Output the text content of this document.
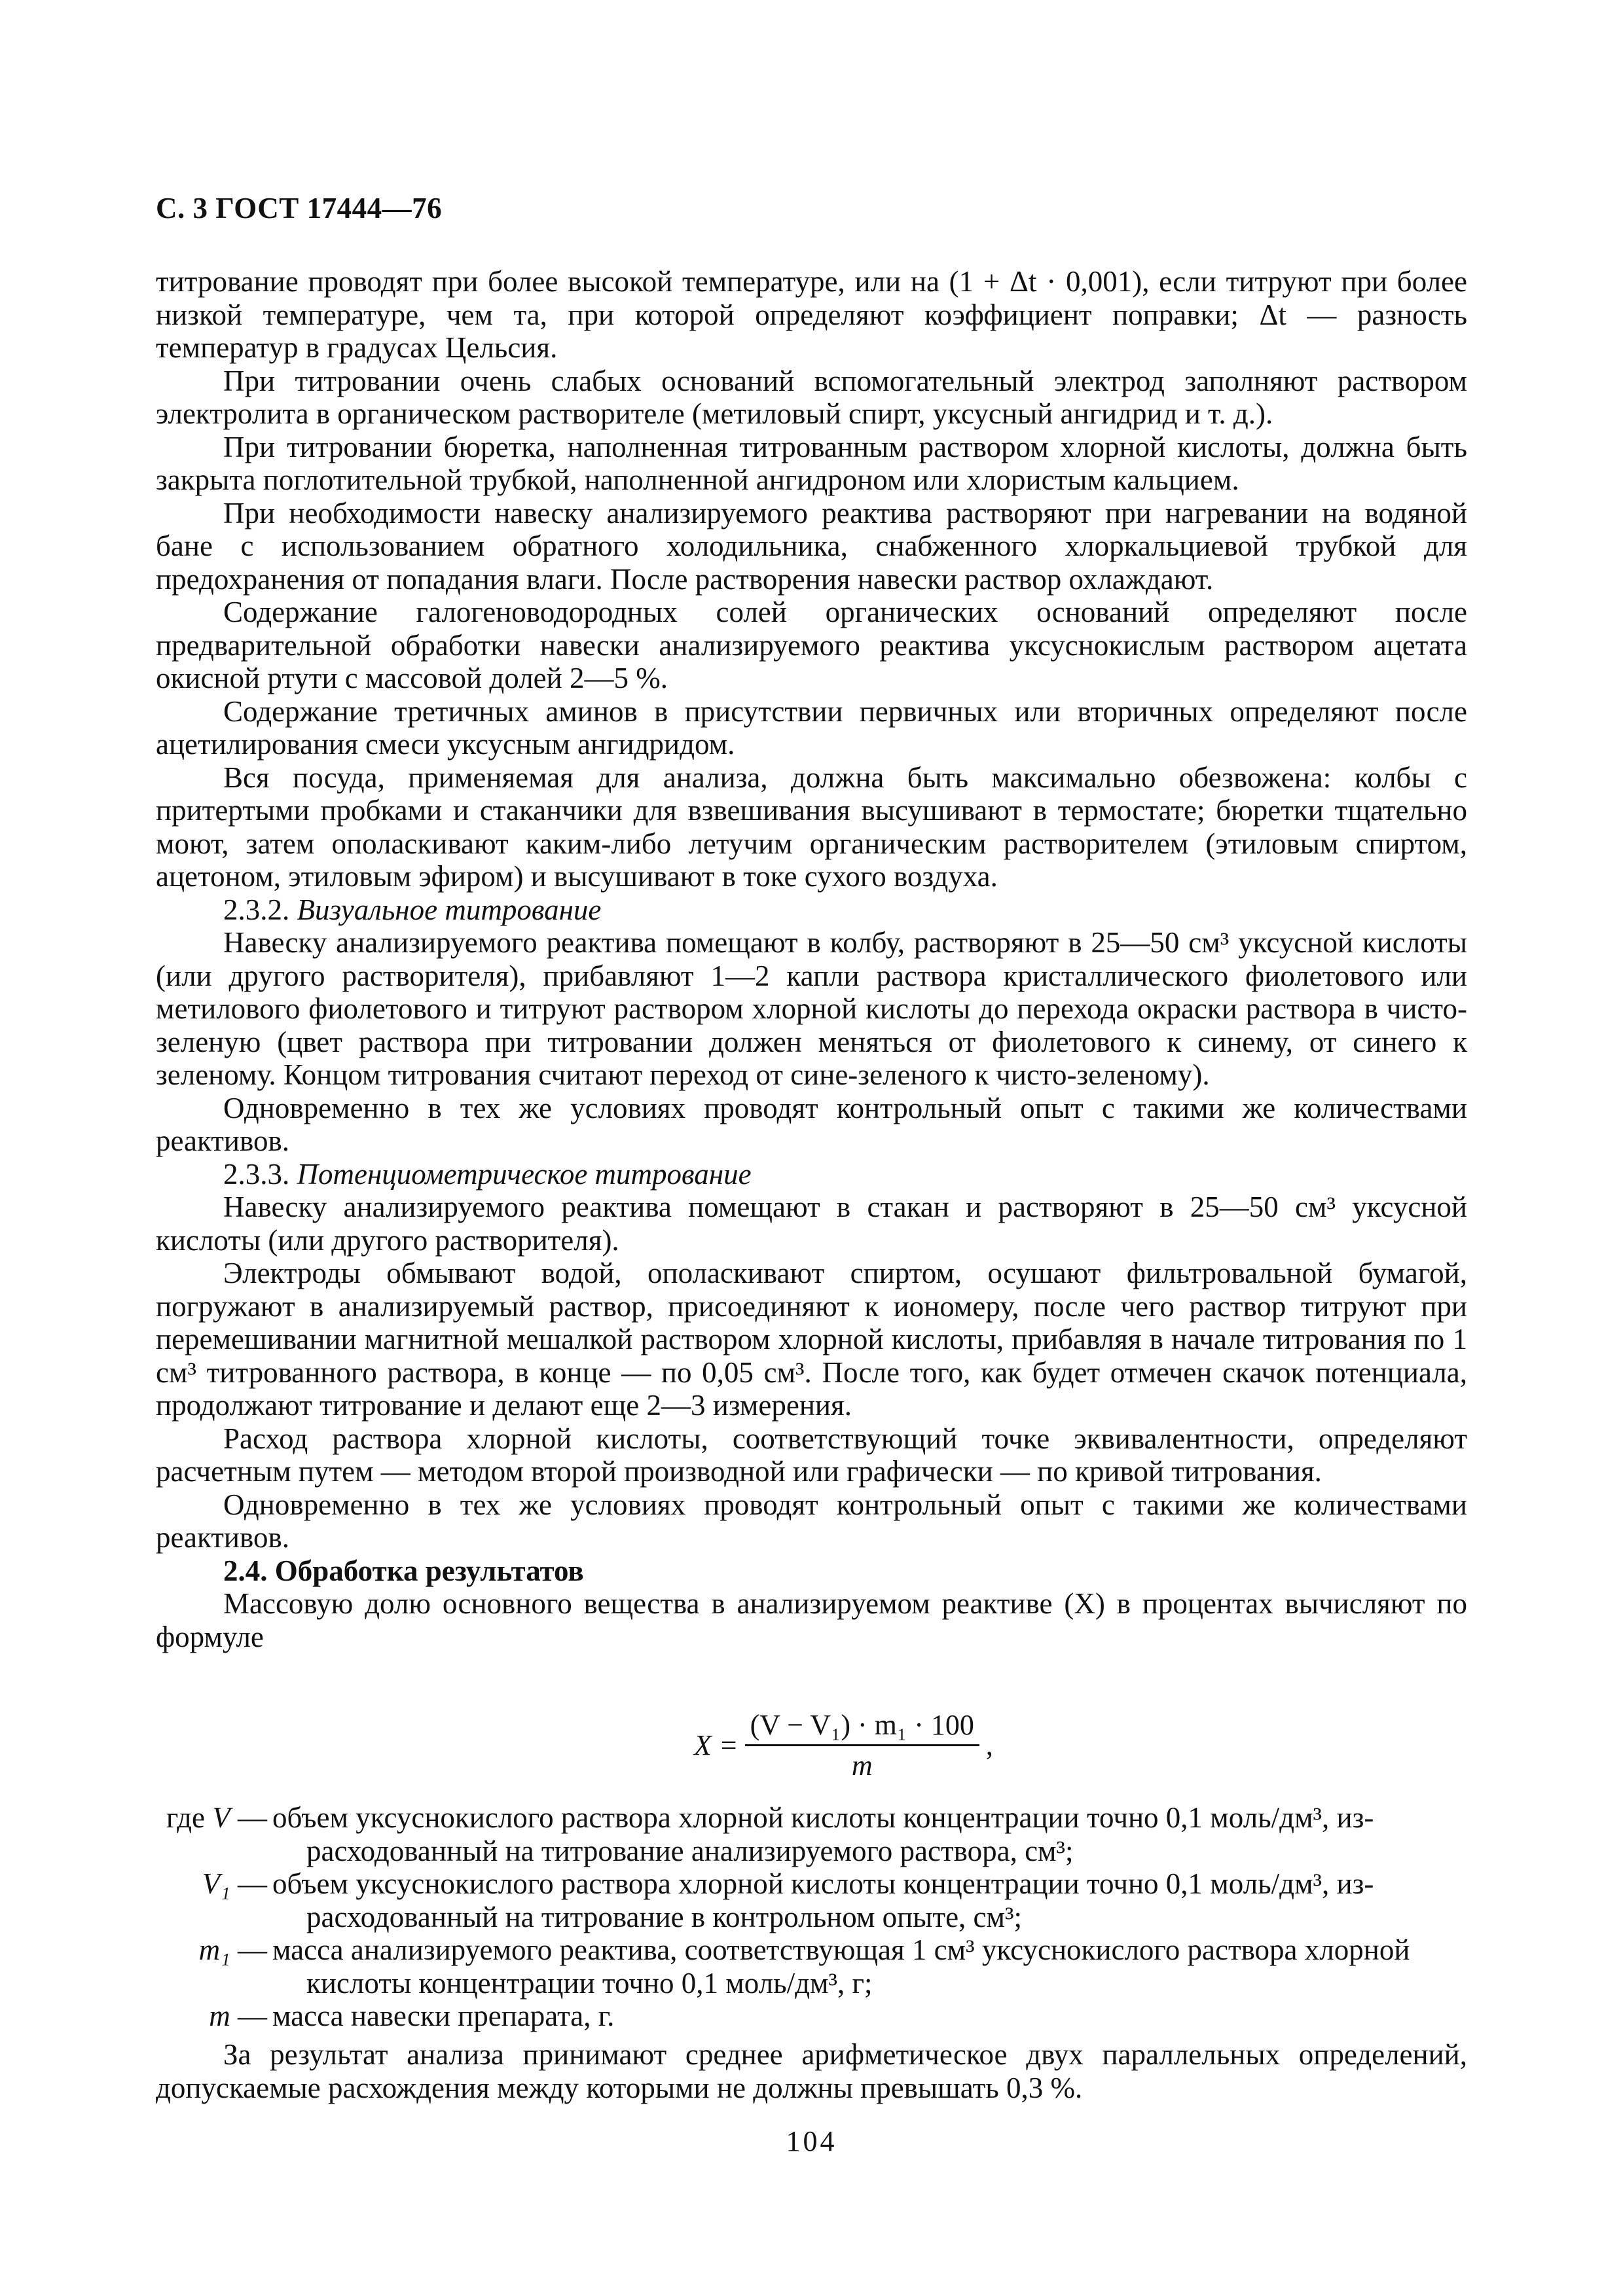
С. 3 ГОСТ 17444—76

титрование проводят при более высокой температуре, или на (1 + Δt · 0,001), если титруют при более низкой температуре, чем та, при которой определяют коэффициент поправки; Δt — разность температур в градусах Цельсия.

При титровании очень слабых оснований вспомогательный электрод заполняют раствором электролита в органическом растворителе (метиловый спирт, уксусный ангидрид и т. д.).

При титровании бюретка, наполненная титрованным раствором хлорной кислоты, должна быть закрыта поглотительной трубкой, наполненной ангидроном или хлористым кальцием.

При необходимости навеску анализируемого реактива растворяют при нагревании на водяной бане с использованием обратного холодильника, снабженного хлоркальциевой трубкой для предохранения от попадания влаги. После растворения навески раствор охлаждают.

Содержание галогеноводородных солей органических оснований определяют после предварительной обработки навески анализируемого реактива уксуснокислым раствором ацетата окисной ртути с массовой долей 2—5 %.

Содержание третичных аминов в присутствии первичных или вторичных определяют после ацетилирования смеси уксусным ангидридом.

Вся посуда, применяемая для анализа, должна быть максимально обезвожена: колбы с притертыми пробками и стаканчики для взвешивания высушивают в термостате; бюретки тщательно моют, затем ополаскивают каким-либо летучим органическим растворителем (этиловым спиртом, ацетоном, этиловым эфиром) и высушивают в токе сухого воздуха.

2.3.2. Визуальное титрование

Навеску анализируемого реактива помещают в колбу, растворяют в 25—50 см³ уксусной кислоты (или другого растворителя), прибавляют 1—2 капли раствора кристаллического фиолетового или метилового фиолетового и титруют раствором хлорной кислоты до перехода окраски раствора в чисто-зеленую (цвет раствора при титровании должен меняться от фиолетового к синему, от синего к зеленому. Концом титрования считают переход от сине-зеленого к чисто-зеленому).

Одновременно в тех же условиях проводят контрольный опыт с такими же количествами реактивов.

2.3.3. Потенциометрическое титрование

Навеску анализируемого реактива помещают в стакан и растворяют в 25—50 см³ уксусной кислоты (или другого растворителя).

Электроды обмывают водой, ополаскивают спиртом, осушают фильтровальной бумагой, погружают в анализируемый раствор, присоединяют к иономеру, после чего раствор титруют при перемешивании магнитной мешалкой раствором хлорной кислоты, прибавляя в начале титрования по 1 см³ титрованного раствора, в конце — по 0,05 см³. После того, как будет отмечен скачок потенциала, продолжают титрование и делают еще 2—3 измерения.

Расход раствора хлорной кислоты, соответствующий точке эквивалентности, определяют расчетным путем — методом второй производной или графически — по кривой титрования.

Одновременно в тех же условиях проводят контрольный опыт с такими же количествами реактивов.

2.4. Обработка результатов

Массовую долю основного вещества в анализируемом реактиве (X) в процентах вычисляют по формуле

$X = \frac{\text{(V − V₁) · m₁ · 100}}{m}$ ,
где V — объем уксуснокислого раствора хлорной кислоты концентрации точно 0,1 моль/дм³, из-
расходованный на титрование анализируемого раствора, см³;
V₁ — объем уксуснокислого раствора хлорной кислоты концентрации точно 0,1 моль/дм³, из-
расходованный на титрование в контрольном опыте, см³;
m₁ — масса анализируемого реактива, соответствующая 1 см³ уксуснокислого раствора хлорной
кислоты концентрации точно 0,1 моль/дм³, г;
m — масса навески препарата, г.

За результат анализа принимают среднее арифметическое двух параллельных определений, допускаемые расхождения между которыми не должны превышать 0,3 %.

104
